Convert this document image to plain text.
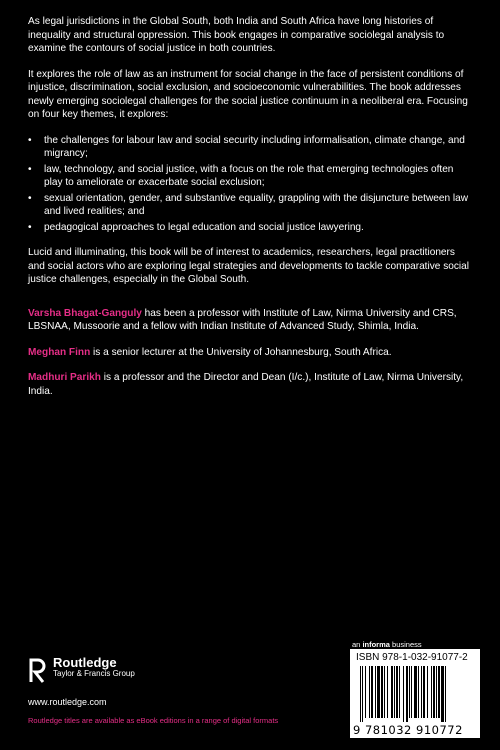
As legal jurisdictions in the Global South, both India and South Africa have long histories of inequality and structural oppression. This book engages in comparative sociolegal analysis to examine the contours of social justice in both countries.

It explores the role of law as an instrument for social change in the face of persistent conditions of injustice, discrimination, social exclusion, and socioeconomic vulnerabilities. The book addresses newly emerging sociolegal challenges for the social justice continuum in a neoliberal era. Focusing on four key themes, it explores:

• the challenges for labour law and social security including informalisation, climate change, and migrancy;
• law, technology, and social justice, with a focus on the role that emerging technologies often play to ameliorate or exacerbate social exclusion;
• sexual orientation, gender, and substantive equality, grappling with the disjuncture between law and lived realities; and
• pedagogical approaches to legal education and social justice lawyering.

Lucid and illuminating, this book will be of interest to academics, researchers, legal practitioners and social actors who are exploring legal strategies and developments to tackle comparative social justice challenges, especially in the Global South.

Varsha Bhagat-Ganguly has been a professor with Institute of Law, Nirma University and CRS, LBSNAA, Mussoorie and a fellow with Indian Institute of Advanced Study, Shimla, India.

Meghan Finn is a senior lecturer at the University of Johannesburg, South Africa.

Madhuri Parikh is a professor and the Director and Dean (I/c.), Institute of Law, Nirma University, India.

an informa business
Routledge
Taylor & Francis Group
www.routledge.com
Routledge titles are available as eBook editions in a range of digital formats
ISBN 978-1-032-91077-2
9 781032 910772
